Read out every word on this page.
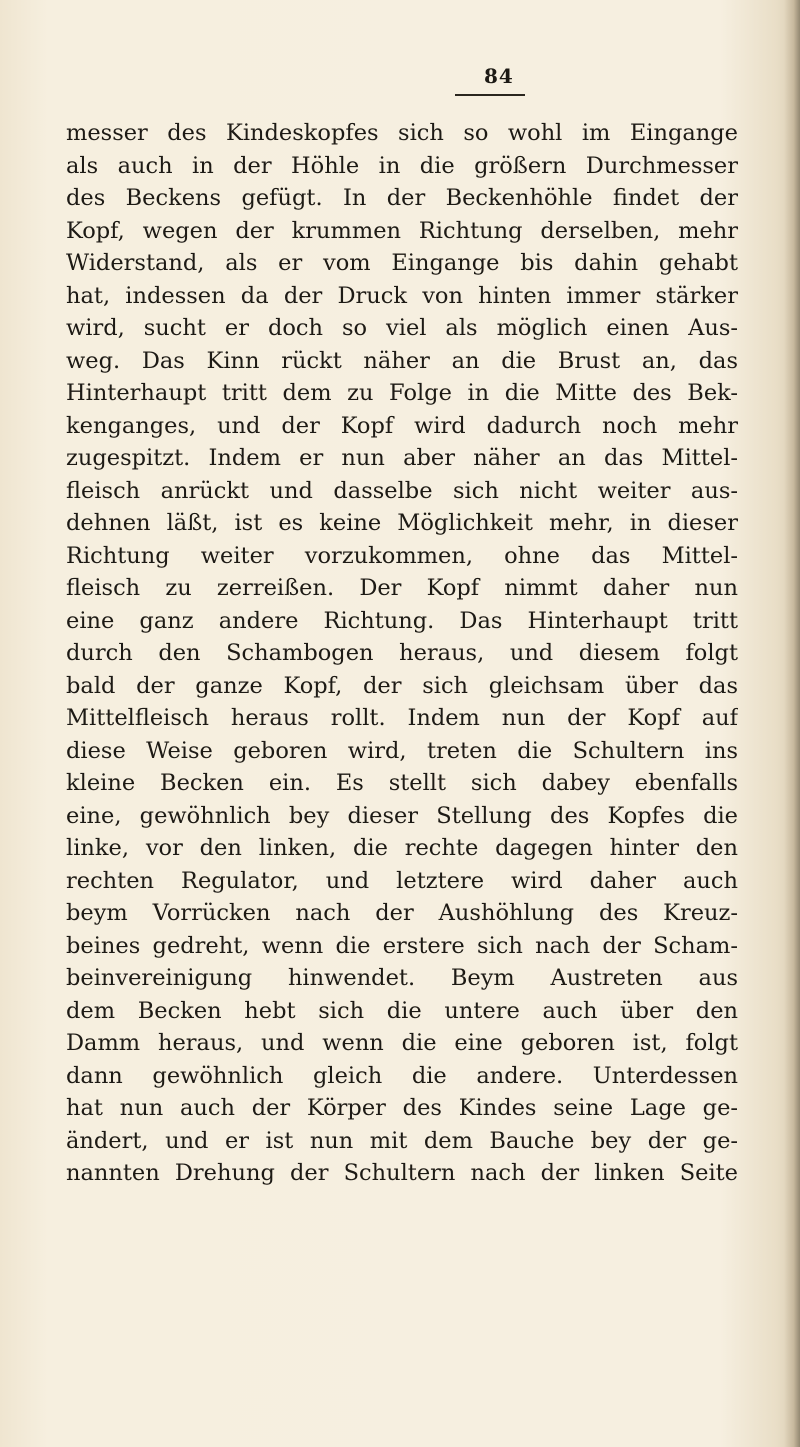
84
messer des Kindeskopfes sich so wohl im Eingange
als auch in der Höhle in die größern Durchmesser
des Beckens gefügt. In der Beckenhöhle findet der
Kopf, wegen der krummen Richtung derselben, mehr
Widerstand, als er vom Eingange bis dahin gehabt
hat, indessen da der Druck von hinten immer stärker
wird, sucht er doch so viel als möglich einen Aus-
weg. Das Kinn rückt näher an die Brust an, das
Hinterhaupt tritt dem zu Folge in die Mitte des Bek-
kenganges, und der Kopf wird dadurch noch mehr
zugespitzt. Indem er nun aber näher an das Mittel-
fleisch anrückt und dasselbe sich nicht weiter aus-
dehnen läßt, ist es keine Möglichkeit mehr, in dieser
Richtung weiter vorzukommen, ohne das Mittel-
fleisch zu zerreißen. Der Kopf nimmt daher nun
eine ganz andere Richtung. Das Hinterhaupt tritt
durch den Schambogen heraus, und diesem folgt
bald der ganze Kopf, der sich gleichsam über das
Mittelfleisch heraus rollt. Indem nun der Kopf auf
diese Weise geboren wird, treten die Schultern ins
kleine Becken ein. Es stellt sich dabey ebenfalls
eine, gewöhnlich bey dieser Stellung des Kopfes die
linke, vor den linken, die rechte dagegen hinter den
rechten Regulator, und letztere wird daher auch
beym Vorrücken nach der Aushöhlung des Kreuz-
beines gedreht, wenn die erstere sich nach der Scham-
beinvereinigung hinwendet. Beym Austreten aus
dem Becken hebt sich die untere auch über den
Damm heraus, und wenn die eine geboren ist, folgt
dann gewöhnlich gleich die andere. Unterdessen
hat nun auch der Körper des Kindes seine Lage ge-
ändert, und er ist nun mit dem Bauche bey der ge-
nannten Drehung der Schultern nach der linken Seite
